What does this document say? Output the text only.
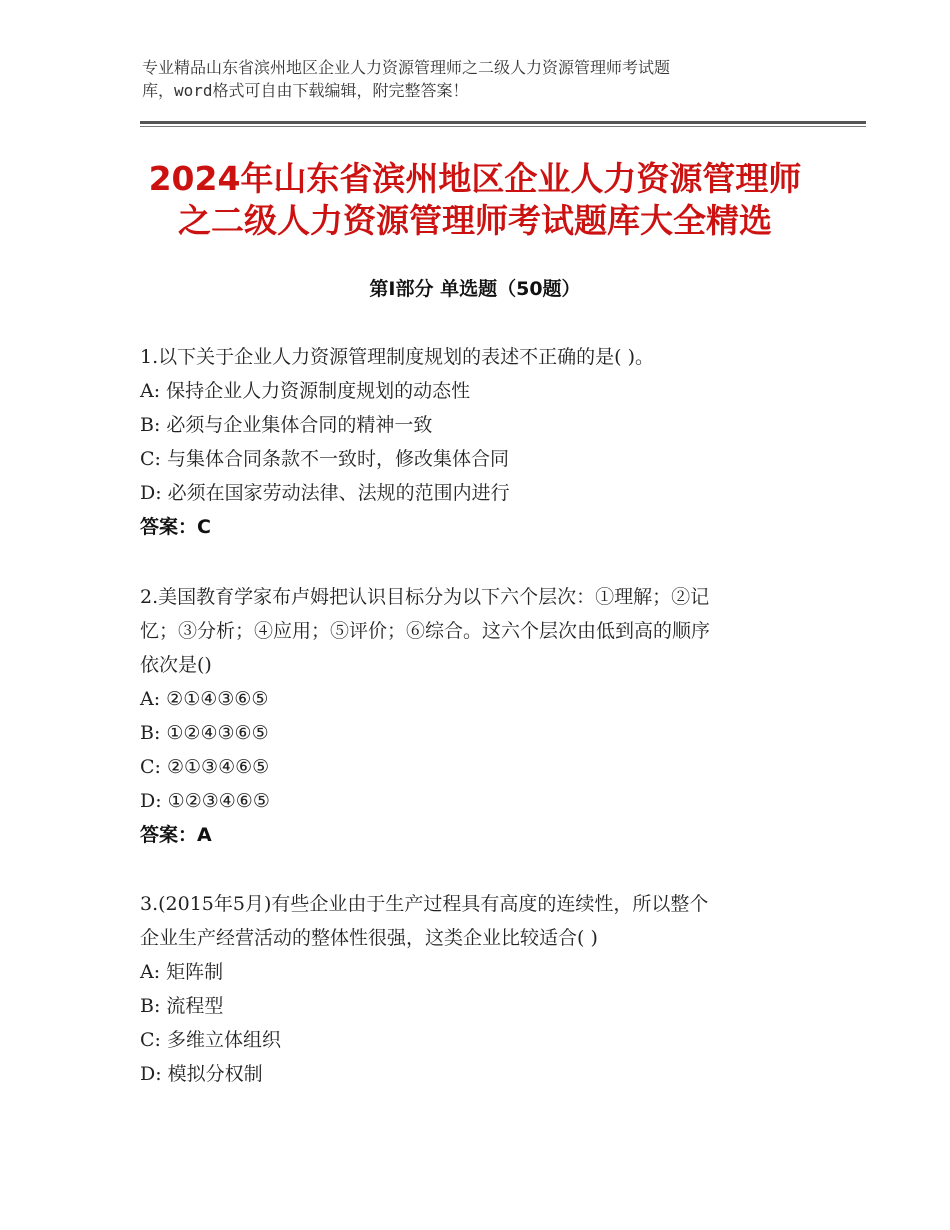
专业精品山东省滨州地区企业人力资源管理师之二级人力资源管理师考试题
库，word格式可自由下载编辑，附完整答案！
2024年山东省滨州地区企业人力资源管理师
之二级人力资源管理师考试题库大全精选
第Ⅰ部分 单选题（50题）
1.以下关于企业人力资源管理制度规划的表述不正确的是( )。
A: 保持企业人力资源制度规划的动态性
B: 必须与企业集体合同的精神一致
C: 与集体合同条款不一致时，修改集体合同
D: 必须在国家劳动法律、法规的范围内进行
答案：C
2.美国教育学家布卢姆把认识目标分为以下六个层次：①理解；②记
忆；③分析；④应用；⑤评价；⑥综合。这六个层次由低到高的顺序
依次是()
A: ②①④③⑥⑤
B: ①②④③⑥⑤
C: ②①③④⑥⑤
D: ①②③④⑥⑤
答案：A
3.(2015年5月)有些企业由于生产过程具有高度的连续性，所以整个
企业生产经营活动的整体性很强，这类企业比较适合( )
A: 矩阵制
B: 流程型
C: 多维立体组织
D: 模拟分权制
